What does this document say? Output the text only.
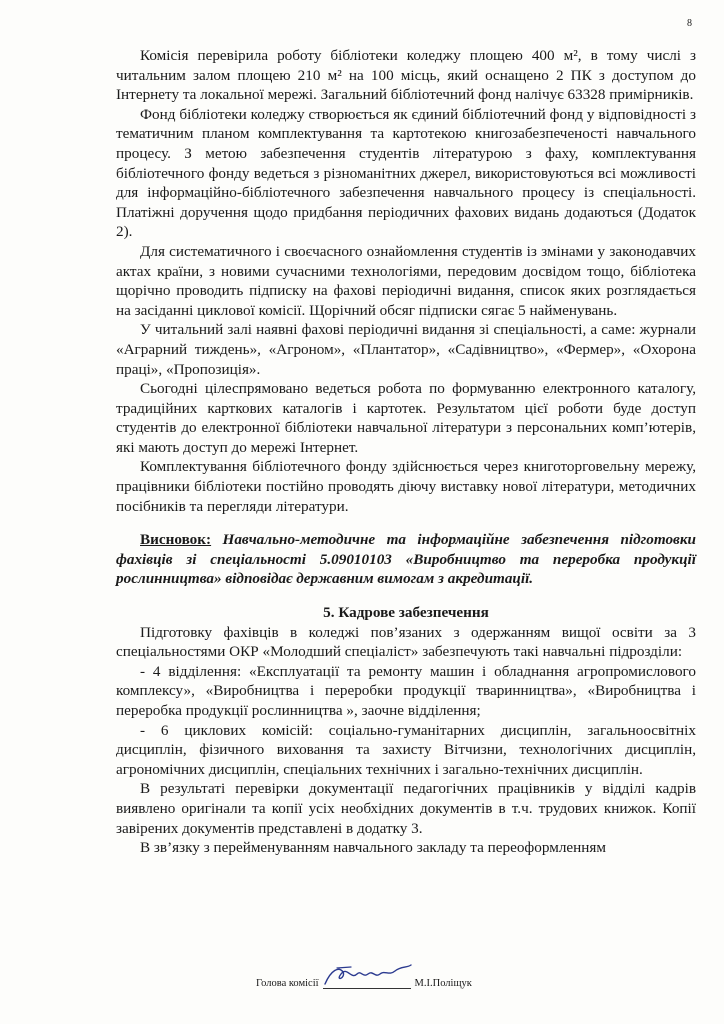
8

Комісія перевірила роботу бібліотеки коледжу площею 400 м², в тому числі з читальним залом площею 210 м² на 100 місць, який оснащено 2 ПК з доступом до Інтернету та локальної мережі. Загальний бібліотечний фонд налічує 63328 примірників.

Фонд бібліотеки коледжу створюється як єдиний бібліотечний фонд у відповідності з тематичним планом комплектування та картотекою книгозабезпеченості навчального процесу. З метою забезпечення студентів літературою з фаху, комплектування бібліотечного фонду ведеться з різноманітних джерел, використовуються всі можливості для інформаційно-бібліотечного забезпечення навчального процесу із спеціальності. Платіжні доручення щодо придбання періодичних фахових видань додаються (Додаток 2).

Для систематичного і своєчасного ознайомлення студентів із змінами у законодавчих актах країни, з новими сучасними технологіями, передовим досвідом тощо, бібліотека щорічно проводить підписку на фахові періодичні видання, список яких розглядається на засіданні циклової комісії. Щорічний обсяг підписки сягає 5 найменувань.

У читальний залі наявні фахові періодичні видання зі спеціальності, а саме: журнали «Аграрний тиждень», «Агроном», «Плантатор», «Садівництво», «Фермер», «Охорона праці», «Пропозиція».

Сьогодні цілеспрямовано ведеться робота по формуванню електронного каталогу, традиційних карткових каталогів і картотек. Результатом цієї роботи буде доступ студентів до електронної бібліотеки навчальної літератури з персональних комп’ютерів, які мають доступ до мережі Інтернет.

Комплектування бібліотечного фонду здійснюється через книготорговельну мережу, працівники бібліотеки постійно проводять діючу виставку нової літератури, методичних посібників та перегляди літератури.

Висновок: Навчально-методичне та інформаційне забезпечення підготовки фахівців зі спеціальності 5.09010103 «Виробництво та переробка продукції рослинництва» відповідає державним вимогам з акредитації.

5. Кадрове забезпечення

Підготовку фахівців в коледжі пов’язаних з одержанням вищої освіти за 3 спеціальностями ОКР «Молодший спеціаліст» забезпечують такі навчальні підрозділи:

- 4 відділення: «Експлуатації та ремонту машин і обладнання агропромислового комплексу», «Виробництва і переробки продукції тваринництва», «Виробництва і переробка продукції рослинництва », заочне відділення;

- 6 циклових комісій: соціально-гуманітарних дисциплін, загальноосвітніх дисциплін, фізичного виховання та захисту Вітчизни, технологічних дисциплін, агрономічних дисциплін, спеціальних технічних і загально-технічних дисциплін.

В результаті перевірки документації педагогічних працівників у відділі кадрів виявлено оригінали та копії усіх необхідних документів в т.ч. трудових книжок. Копії завірених документів представлені в додатку 3.

В зв’язку з перейменуванням навчального закладу та переоформленням

Голова комісії	М.І.Поліщук
